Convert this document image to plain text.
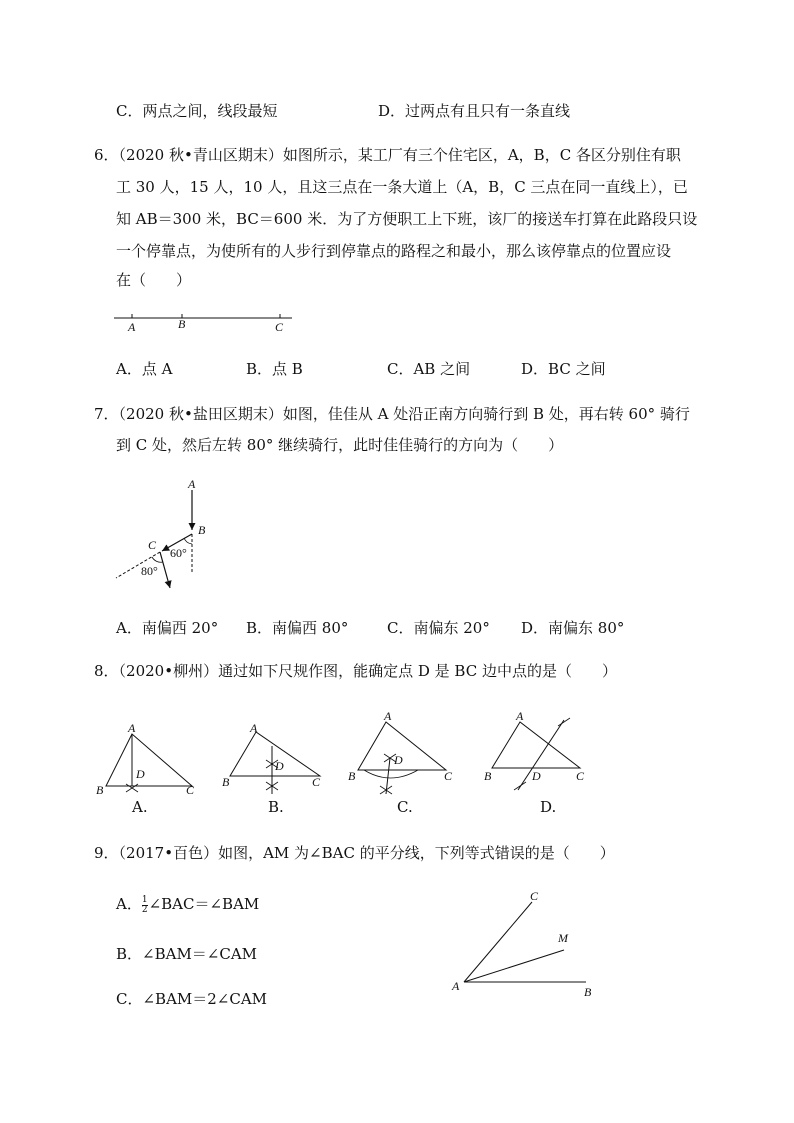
C．两点之间，线段最短	D．过两点有且只有一条直线
6．（2020 秋•青山区期末）如图所示，某工厂有三个住宅区，A，B，C 各区分别住有职
工 30 人，15 人，10 人，且这三点在一条大道上（A，B，C 三点在同一直线上），已
知 AB＝300 米，BC＝600 米．为了方便职工上下班，该厂的接送车打算在此路段只设
一个停靠点，为使所有的人步行到停靠点的路程之和最小，那么该停靠点的位置应设
在（　　）
A	B	C
A．点 A	B．点 B	C．AB 之间	D．BC 之间
7．（2020 秋•盐田区期末）如图，佳佳从 A 处沿正南方向骑行到 B 处，再右转 60° 骑行
到 C 处，然后左转 80° 继续骑行，此时佳佳骑行的方向为（　　）
A
B
C
60°
80°
A．南偏西 20° B．南偏西 80°	C．南偏东 20° D．南偏东 80°
8．（2020•柳州）通过如下尺规作图，能确定点 D 是 BC 边中点的是（　　）
A
B	C
D
A.
A
B	C
D
B.
A
B	C
D
C.
A
B	C
D
D.
9．（2017•百色）如图，AM 为∠BAC 的平分线，下列等式错误的是（　　）
A． $\frac{1}{2}$ ∠BAC＝∠BAM
B．∠BAM＝∠CAM
C．∠BAM＝2∠CAM
C
M
A	B
